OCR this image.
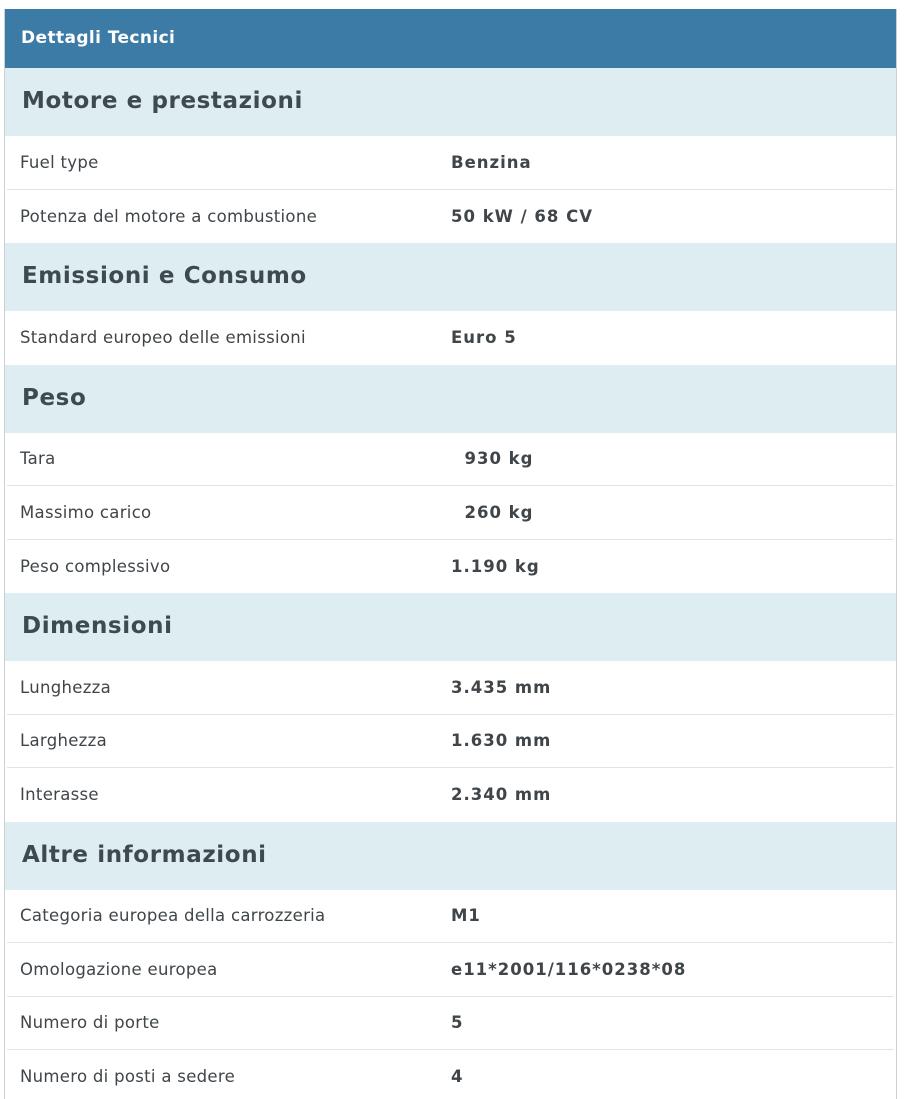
Dettagli Tecnici
Motore e prestazioni
Fuel type	Benzina
Potenza del motore a combustione	50 kW / 68 CV
Emissioni e Consumo
Standard europeo delle emissioni	Euro 5
Peso
Tara	930 kg
Massimo carico	260 kg
Peso complessivo	1.190 kg
Dimensioni
Lunghezza	3.435 mm
Larghezza	1.630 mm
Interasse	2.340 mm
Altre informazioni
Categoria europea della carrozzeria	M1
Omologazione europea	e11*2001/116*0238*08
Numero di porte	5
Numero di posti a sedere	4
